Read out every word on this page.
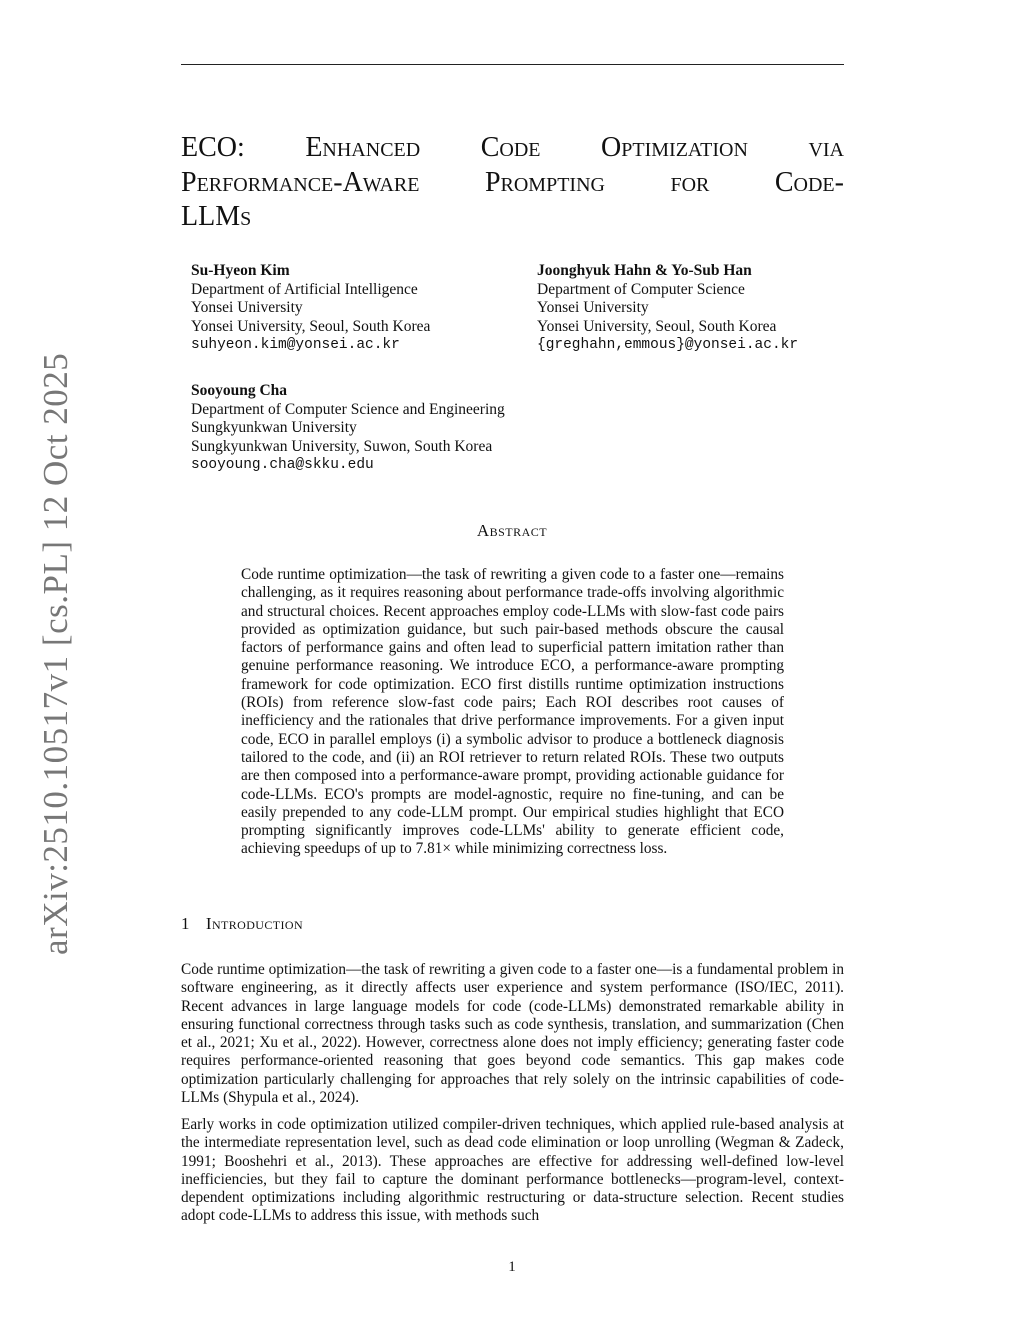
arXiv:2510.10517v1 [cs.PL] 12 Oct 2025
ECO: Enhanced Code Optimization via
Performance-Aware Prompting for Code-
LLMs
Su-Hyeon Kim
Department of Artificial Intelligence
Yonsei University
Yonsei University, Seoul, South Korea
suhyeon.kim@yonsei.ac.kr
Joonghyuk Hahn & Yo-Sub Han
Department of Computer Science
Yonsei University
Yonsei University, Seoul, South Korea
{greghahn,emmous}@yonsei.ac.kr
Sooyoung Cha
Department of Computer Science and Engineering
Sungkyunkwan University
Sungkyunkwan University, Suwon, South Korea
sooyoung.cha@skku.edu
Abstract
Code runtime optimization—the task of rewriting a given code to a faster one—remains challenging, as it requires reasoning about performance trade-offs involving algorithmic and structural choices. Recent approaches employ code-LLMs with slow-fast code pairs provided as optimization guidance, but such pair-based methods obscure the causal factors of performance gains and often lead to superficial pattern imitation rather than genuine performance reasoning. We introduce ECO, a performance-aware prompting framework for code optimization. ECO first distills runtime optimization instructions (ROIs) from reference slow-fast code pairs; Each ROI describes root causes of inefficiency and the rationales that drive performance improvements. For a given input code, ECO in parallel employs (i) a symbolic advisor to produce a bottleneck diagnosis tailored to the code, and (ii) an ROI retriever to return related ROIs. These two outputs are then composed into a performance-aware prompt, providing actionable guidance for code-LLMs. ECO's prompts are model-agnostic, require no fine-tuning, and can be easily prepended to any code-LLM prompt. Our empirical studies highlight that ECO prompting significantly improves code-LLMs' ability to generate efficient code, achieving speedups of up to 7.81× while minimizing correctness loss.
1 Introduction
Code runtime optimization—the task of rewriting a given code to a faster one—is a fundamental problem in software engineering, as it directly affects user experience and system performance (ISO/IEC, 2011). Recent advances in large language models for code (code-LLMs) demonstrated remarkable ability in ensuring functional correctness through tasks such as code synthesis, translation, and summarization (Chen et al., 2021; Xu et al., 2022). However, correctness alone does not imply efficiency; generating faster code requires performance-oriented reasoning that goes beyond code semantics. This gap makes code optimization particularly challenging for approaches that rely solely on the intrinsic capabilities of code-LLMs (Shypula et al., 2024).
Early works in code optimization utilized compiler-driven techniques, which applied rule-based analysis at the intermediate representation level, such as dead code elimination or loop unrolling (Wegman & Zadeck, 1991; Booshehri et al., 2013). These approaches are effective for addressing well-defined low-level inefficiencies, but they fail to capture the dominant performance bottlenecks—program-level, context-dependent optimizations including algorithmic restructuring or data-structure selection. Recent studies adopt code-LLMs to address this issue, with methods such
1
